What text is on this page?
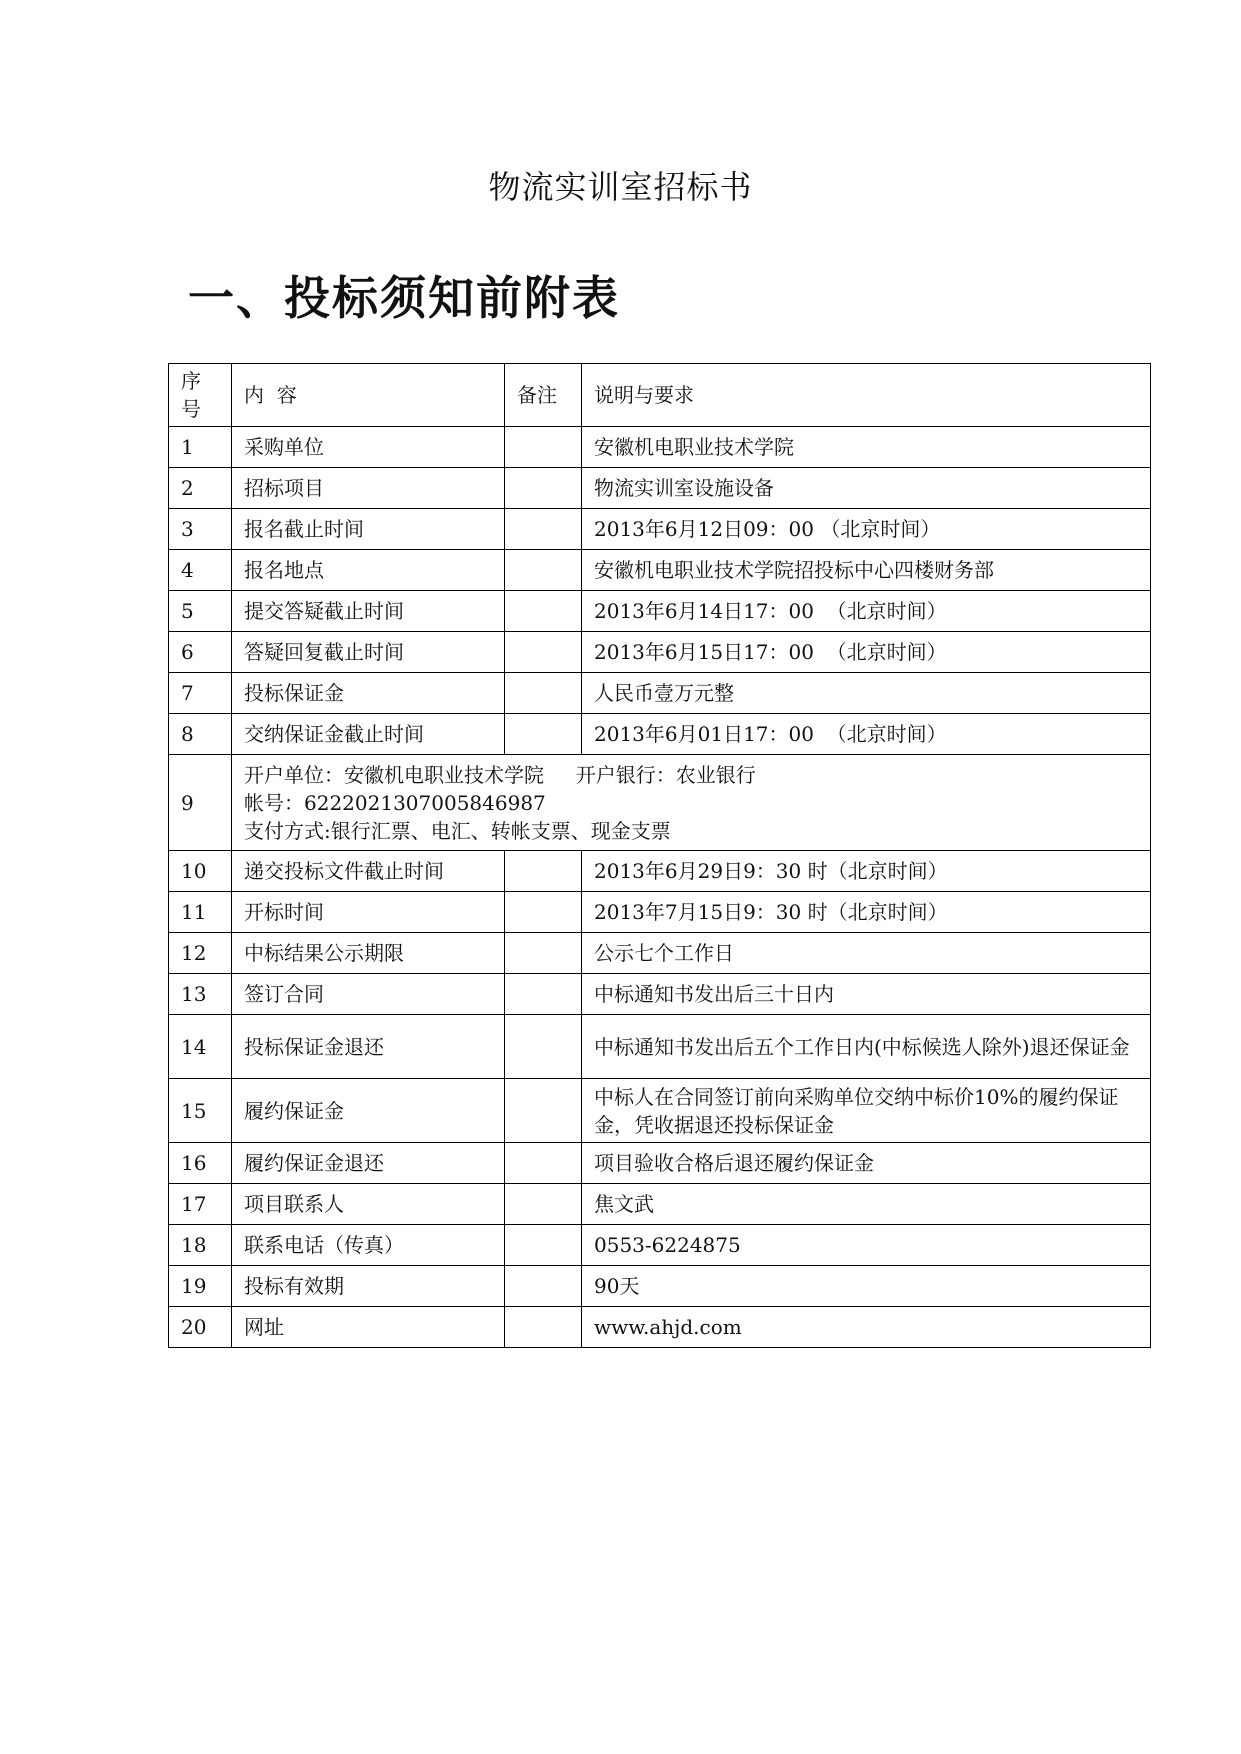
物流实训室招标书
一、投标须知前附表
序
号	内  容	备注	说明与要求
1	采购单位		安徽机电职业技术学院
2	招标项目		物流实训室设施设备
3	报名截止时间		2013年6月12日09：00 （北京时间）
4	报名地点		安徽机电职业技术学院招投标中心四楼财务部
5	提交答疑截止时间		2013年6月14日17：00  （北京时间）
6	答疑回复截止时间		2013年6月15日17：00  （北京时间）
7	投标保证金		人民币壹万元整
8	交纳保证金截止时间		2013年6月01日17：00  （北京时间）
9	开户单位：安徽机电职业技术学院     开户银行：农业银行
帐号：6222021307005846987
支付方式:银行汇票、电汇、转帐支票、现金支票		

10	递交投标文件截止时间		2013年6月29日9：30 时（北京时间）
11	开标时间		2013年7月15日9：30 时（北京时间）
12	中标结果公示期限		公示七个工作日
13	签订合同		中标通知书发出后三十日内
14	投标保证金退还		中标通知书发出后五个工作日内(中标候选人除外)退还保证金
15	履约保证金		中标人在合同签订前向采购单位交纳中标价10%的履约保证金，凭收据退还投标保证金
16	履约保证金退还		项目验收合格后退还履约保证金
17	项目联系人		焦文武
18	联系电话（传真）		0553-6224875
19	投标有效期		90天
20	网址		www.ahjd.com
